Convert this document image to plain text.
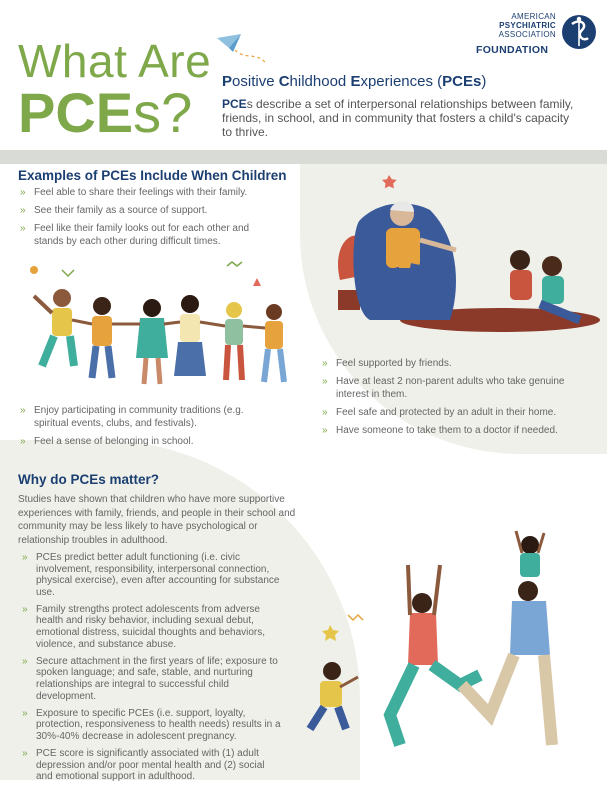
What Are
PCEs?
AMERICAN
PSYCHIATRIC
ASSOCIATION
FOUNDATION
Positive Childhood Experiences (PCEs)
PCEs describe a set of interpersonal relationships between family, friends, in school, and in community that fosters a child's capacity to thrive.
Examples of PCEs Include When Children
» Feel able to share their feelings with their family.
» See their family as a source of support.
» Feel like their family looks out for each other and stands by each other during difficult times.
» Enjoy participating in community traditions (e.g. spiritual events, clubs, and festivals).
» Feel a sense of belonging in school.
» Feel supported by friends.
» Have at least 2 non-parent adults who take genuine interest in them.
» Feel safe and protected by an adult in their home.
» Have someone to take them to a doctor if needed.
Why do PCEs matter?
Studies have shown that children who have more supportive experiences with family, friends, and people in their school and community may be less likely to have psychological or relationship troubles in adulthood.
» PCEs predict better adult functioning (i.e. civic involvement, responsibility, interpersonal connection, physical exercise), even after accounting for substance use.
» Family strengths protect adolescents from adverse health and risky behavior, including sexual debut, emotional distress, suicidal thoughts and behaviors, violence, and substance abuse.
» Secure attachment in the first years of life; exposure to spoken language; and safe, stable, and nurturing relationships are integral to successful child development.
» Exposure to specific PCEs (i.e. support, loyalty, protection, responsiveness to health needs) results in a 30%-40% decrease in adolescent pregnancy.
» PCE score is significantly associated with (1) adult depression and/or poor mental health and (2) social and emotional support in adulthood.
